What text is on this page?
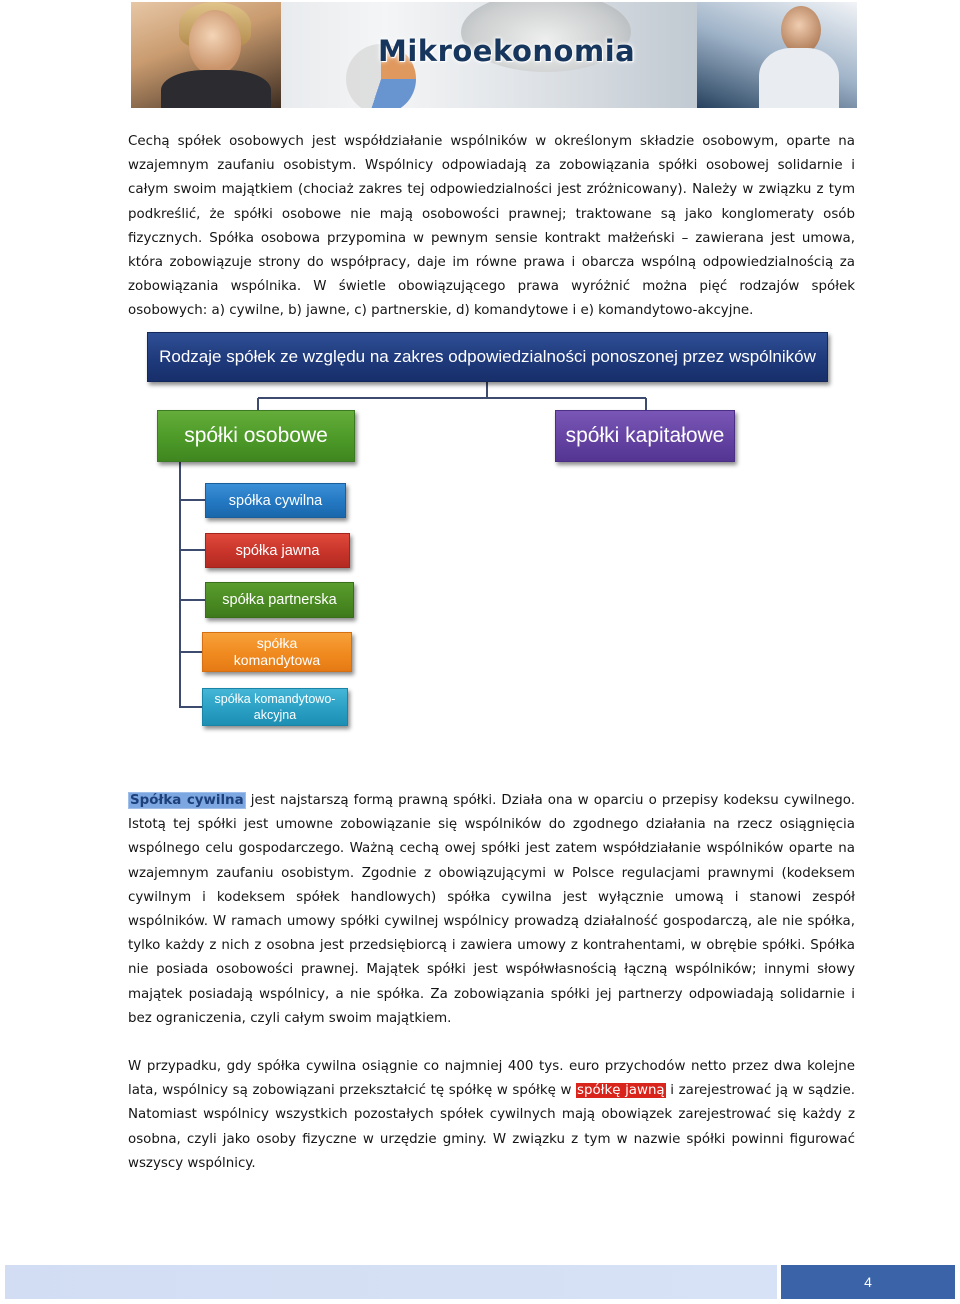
Mikroekonomia

Cechą spółek osobowych jest współdziałanie wspólników w określonym składzie osobowym, oparte na wzajemnym zaufaniu osobistym. Wspólnicy odpowiadają za zobowiązania spółki osobowej solidarnie i całym swoim majątkiem (chociaż zakres tej odpowiedzialności jest zróżnicowany). Należy w związku z tym podkreślić, że spółki osobowe nie mają osobowości prawnej; traktowane są jako konglomeraty osób fizycznych. Spółka osobowa przypomina w pewnym sensie kontrakt małżeński – zawierana jest umowa, która zobowiązuje strony do współpracy, daje im równe prawa i obarcza wspólną odpowiedzialnością za zobowiązania wspólnika. W świetle obowiązującego prawa wyróżnić można pięć rodzajów spółek osobowych: a) cywilne, b) jawne, c) partnerskie, d) komandytowe i e) komandytowo-akcyjne.

Rodzaje spółek ze względu na zakres odpowiedzialności ponoszonej przez wspólników
spółki osobowe	spółki kapitałowe
spółka cywilna
spółka jawna
spółka partnerska
spółka komandytowa
spółka komandytowo-akcyjna

Spółka cywilna jest najstarszą formą prawną spółki. Działa ona w oparciu o przepisy kodeksu cywilnego. Istotą tej spółki jest umowne zobowiązanie się wspólników do zgodnego działania na rzecz osiągnięcia wspólnego celu gospodarczego. Ważną cechą owej spółki jest zatem współdziałanie wspólników oparte na wzajemnym zaufaniu osobistym. Zgodnie z obowiązującymi w Polsce regulacjami prawnymi (kodeksem cywilnym i kodeksem spółek handlowych) spółka cywilna jest wyłącznie umową i stanowi zespół wspólników. W ramach umowy spółki cywilnej wspólnicy prowadzą działalność gospodarczą, ale nie spółka, tylko każdy z nich z osobna jest przedsiębiorcą i zawiera umowy z kontrahentami, w obrębie spółki. Spółka nie posiada osobowości prawnej. Majątek spółki jest współwłasnością łączną wspólników; innymi słowy majątek posiadają wspólnicy, a nie spółka. Za zobowiązania spółki jej partnerzy odpowiadają solidarnie i bez ograniczenia, czyli całym swoim majątkiem.

W przypadku, gdy spółka cywilna osiągnie co najmniej 400 tys. euro przychodów netto przez dwa kolejne lata, wspólnicy są zobowiązani przekształcić tę spółkę w spółkę w spółkę jawną i zarejestrować ją w sądzie. Natomiast wspólnicy wszystkich pozostałych spółek cywilnych mają obowiązek zarejestrować się każdy z osobna, czyli jako osoby fizyczne w urzędzie gminy. W związku z tym w nazwie spółki powinni figurować wszyscy wspólnicy.

4
